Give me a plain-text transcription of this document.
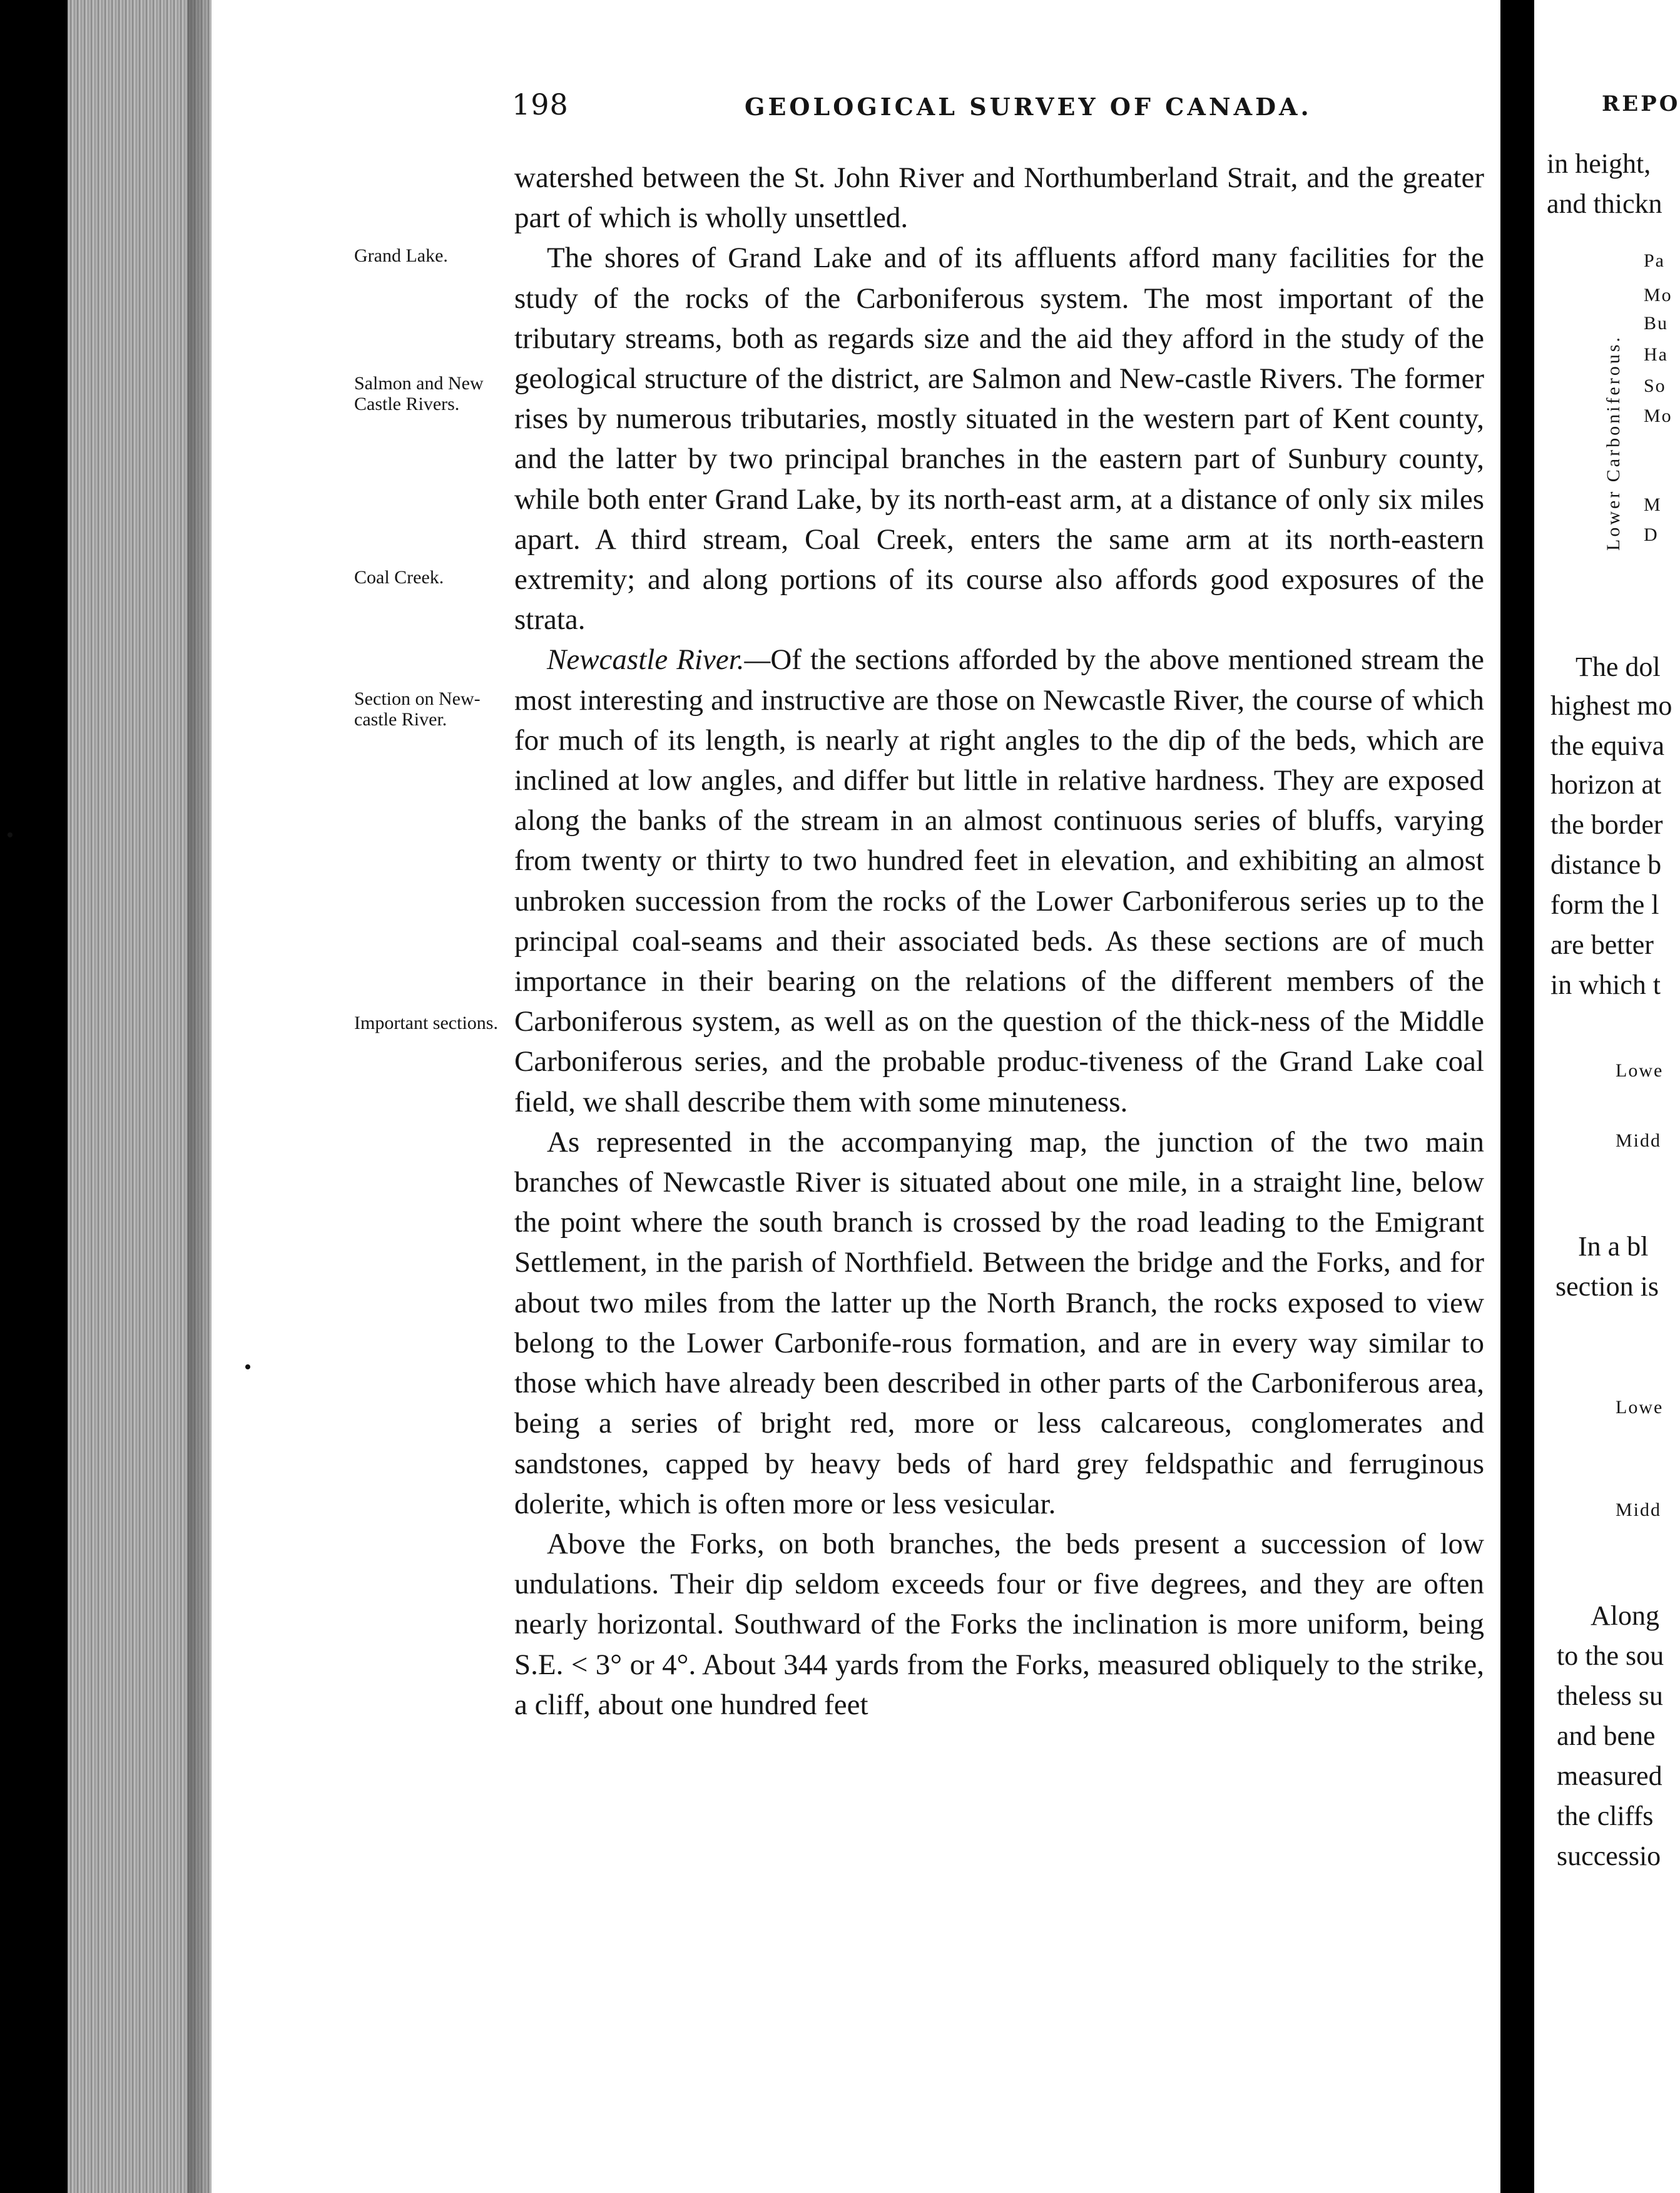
198	GEOLOGICAL SURVEY OF CANADA.
Grand Lake.
Salmon and New Castle Rivers.
Coal Creek.
Section on New-castle River.
Important sections.

watershed between the St. John River and Northumberland Strait, and the greater part of which is wholly unsettled.

The shores of Grand Lake and of its affluents afford many facilities for the study of the rocks of the Carboniferous system. The most important of the tributary streams, both as regards size and the aid they afford in the study of the geological structure of the district, are Salmon and New-castle Rivers. The former rises by numerous tributaries, mostly situated in the western part of Kent county, and the latter by two principal branches in the eastern part of Sunbury county, while both enter Grand Lake, by its north-east arm, at a distance of only six miles apart. A third stream, Coal Creek, enters the same arm at its north-eastern extremity; and along portions of its course also affords good exposures of the strata.

Newcastle River.—Of the sections afforded by the above mentioned stream the most interesting and instructive are those on Newcastle River, the course of which for much of its length, is nearly at right angles to the dip of the beds, which are inclined at low angles, and differ but little in relative hardness. They are exposed along the banks of the stream in an almost continuous series of bluffs, varying from twenty or thirty to two hundred feet in elevation, and exhibiting an almost unbroken succession from the rocks of the Lower Carboniferous series up to the principal coal-seams and their associated beds. As these sections are of much importance in their bearing on the relations of the different members of the Carboniferous system, as well as on the question of the thick-ness of the Middle Carboniferous series, and the probable produc-tiveness of the Grand Lake coal field, we shall describe them with some minuteness.

As represented in the accompanying map, the junction of the two main branches of Newcastle River is situated about one mile, in a straight line, below the point where the south branch is crossed by the road leading to the Emigrant Settlement, in the parish of Northfield. Between the bridge and the Forks, and for about two miles from the latter up the North Branch, the rocks exposed to view belong to the Lower Carbonife-rous formation, and are in every way similar to those which have already been described in other parts of the Carboniferous area, being a series of bright red, more or less calcareous, conglomerates and sandstones, capped by heavy beds of hard grey feldspathic and ferruginous dolerite, which is often more or less vesicular.

Above the Forks, on both branches, the beds present a succession of low undulations. Their dip seldom exceeds four or five degrees, and they are often nearly horizontal. Southward of the Forks the inclination is more uniform, being S.E. < 3° or 4°. About 344 yards from the Forks, measured obliquely to the strike, a cliff, about one hundred feet

REPO
in height,
and thickn
Lower Carboniferous.
Pa
Mo
Bu
Ha
So
Mo
M
D
The dol
highest mo
the equiva
horizon at
the border
distance b
form the l
are better
in which t
Lowe
Midd
In a bl
section is
Lowe
Midd
Along
to the sou
theless su
and bene
measured
the cliffs
successio
